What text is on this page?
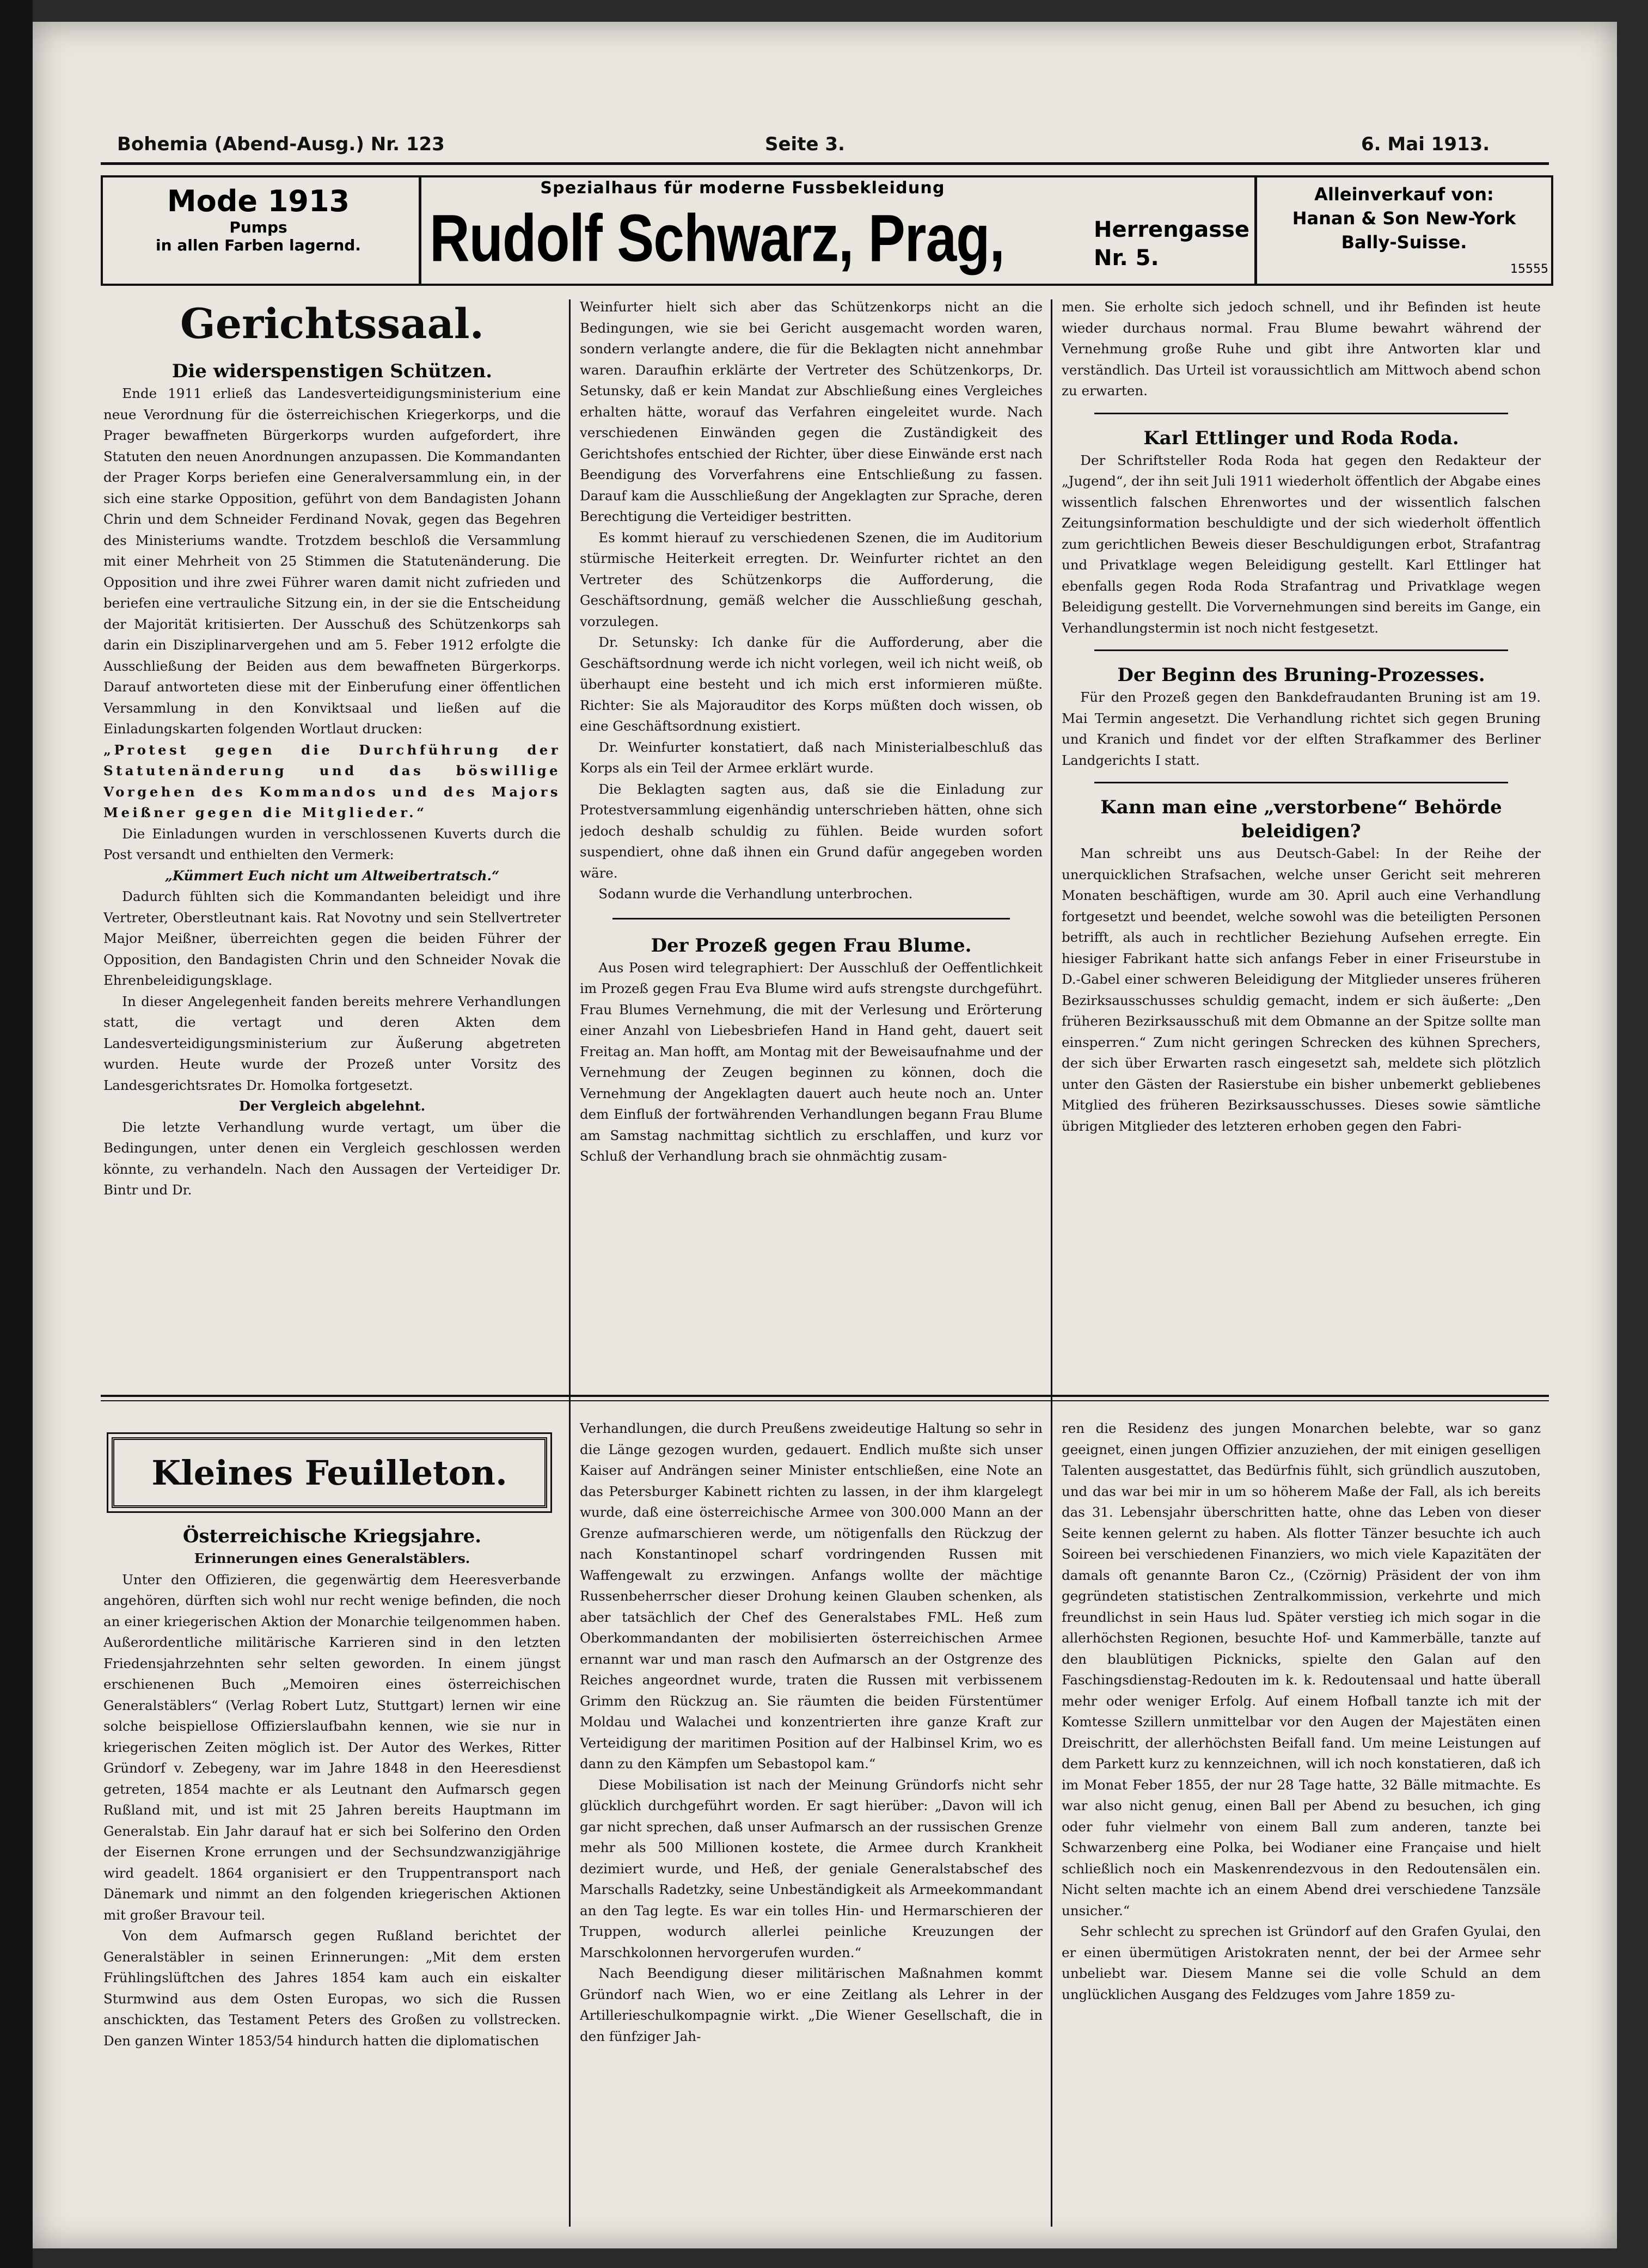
Bohemia (Abend-Ausg.) Nr. 123	Seite 3.	6. Mai 1913.
Mode 1913
Pumps
in allen Farben lagernd.
Spezialhaus für moderne Fussbekleidung
Rudolf Schwarz, Prag,	Herrengasse
Nr. 5.
Alleinverkauf von:
Hanan & Son New-York
Bally-Suisse.
15555
Gerichtssaal.
Die widerspenstigen Schützen.

Ende 1911 erließ das Landesverteidigungsministerium eine neue Verordnung für die österreichischen Kriegerkorps, und die Prager bewaffneten Bürgerkorps wurden aufgefordert, ihre Statuten den neuen Anordnungen anzupassen. Die Kommandanten der Prager Korps beriefen eine Generalversammlung ein, in der sich eine starke Opposition, geführt von dem Bandagisten Johann Chrin und dem Schneider Ferdinand Novak, gegen das Begehren des Ministeriums wandte. Trotzdem beschloß die Versammlung mit einer Mehrheit von 25 Stimmen die Statutenänderung. Die Opposition und ihre zwei Führer waren damit nicht zufrieden und beriefen eine vertrauliche Sitzung ein, in der sie die Entscheidung der Majorität kritisierten. Der Ausschuß des Schützenkorps sah darin ein Disziplinarvergehen und am 5. Feber 1912 erfolgte die Ausschließung der Beiden aus dem bewaffneten Bürgerkorps. Darauf antworteten diese mit der Einberufung einer öffentlichen Versammlung in den Konviktsaal und ließen auf die Einladungskarten folgenden Wortlaut drucken:

„Protest gegen die Durchführung der Statutenänderung und das böswillige Vorgehen des Kommandos und des Majors Meißner gegen die Mitglieder.“

Die Einladungen wurden in verschlossenen Kuverts durch die Post versandt und enthielten den Vermerk:

„Kümmert Euch nicht um Altweibertratsch.“

Dadurch fühlten sich die Kommandanten beleidigt und ihre Vertreter, Oberstleutnant kais. Rat Novotny und sein Stellvertreter Major Meißner, überreichten gegen die beiden Führer der Opposition, den Bandagisten Chrin und den Schneider Novak die Ehrenbeleidigungsklage.

In dieser Angelegenheit fanden bereits mehrere Verhandlungen statt, die vertagt und deren Akten dem Landesverteidigungsministerium zur Äußerung abgetreten wurden. Heute wurde der Prozeß unter Vorsitz des Landesgerichtsrates Dr. Homolka fortgesetzt.

Der Vergleich abgelehnt.

Die letzte Verhandlung wurde vertagt, um über die Bedingungen, unter denen ein Vergleich geschlossen werden könnte, zu verhandeln. Nach den Aussagen der Verteidiger Dr. Bintr und Dr.

Kleines Feuilleton.
Österreichische Kriegsjahre.

Erinnerungen eines Generalstäblers.

Unter den Offizieren, die gegenwärtig dem Heeresverbande angehören, dürften sich wohl nur recht wenige befinden, die noch an einer kriegerischen Aktion der Monarchie teilgenommen haben. Außerordentliche militärische Karrieren sind in den letzten Friedensjahrzehnten sehr selten geworden. In einem jüngst erschienenen Buch „Memoiren eines österreichischen Generalstäblers“ (Verlag Robert Lutz, Stuttgart) lernen wir eine solche beispiellose Offizierslaufbahn kennen, wie sie nur in kriegerischen Zeiten möglich ist. Der Autor des Werkes, Ritter Gründorf v. Zebegeny, war im Jahre 1848 in den Heeresdienst getreten, 1854 machte er als Leutnant den Aufmarsch gegen Rußland mit, und ist mit 25 Jahren bereits Hauptmann im Generalstab. Ein Jahr darauf hat er sich bei Solferino den Orden der Eisernen Krone errungen und der Sechsundzwanzigjährige wird geadelt. 1864 organisiert er den Truppentransport nach Dänemark und nimmt an den folgenden kriegerischen Aktionen mit großer Bravour teil.

Von dem Aufmarsch gegen Rußland berichtet der Generalstäbler in seinen Erinnerungen: „Mit dem ersten Frühlingslüftchen des Jahres 1854 kam auch ein eiskalter Sturmwind aus dem Osten Europas, wo sich die Russen anschickten, das Testament Peters des Großen zu vollstrecken. Den ganzen Winter 1853/54 hindurch hatten die diplomatischen

Weinfurter hielt sich aber das Schützenkorps nicht an die Bedingungen, wie sie bei Gericht ausgemacht worden waren, sondern verlangte andere, die für die Beklagten nicht annehmbar waren. Daraufhin erklärte der Vertreter des Schützenkorps, Dr. Setunsky, daß er kein Mandat zur Abschließung eines Vergleiches erhalten hätte, worauf das Verfahren eingeleitet wurde. Nach verschiedenen Einwänden gegen die Zuständigkeit des Gerichtshofes entschied der Richter, über diese Einwände erst nach Beendigung des Vorverfahrens eine Entschließung zu fassen. Darauf kam die Ausschließung der Angeklagten zur Sprache, deren Berechtigung die Verteidiger bestritten.

Es kommt hierauf zu verschiedenen Szenen, die im Auditorium stürmische Heiterkeit erregten. Dr. Weinfurter richtet an den Vertreter des Schützenkorps die Aufforderung, die Geschäftsordnung, gemäß welcher die Ausschließung geschah, vorzulegen.

Dr. Setunsky: Ich danke für die Aufforderung, aber die Geschäftsordnung werde ich nicht vorlegen, weil ich nicht weiß, ob überhaupt eine besteht und ich mich erst informieren müßte. Richter: Sie als Majorauditor des Korps müßten doch wissen, ob eine Geschäftsordnung existiert.

Dr. Weinfurter konstatiert, daß nach Ministerialbeschluß das Korps als ein Teil der Armee erklärt wurde.

Die Beklagten sagten aus, daß sie die Einladung zur Protestversammlung eigenhändig unterschrieben hätten, ohne sich jedoch deshalb schuldig zu fühlen. Beide wurden sofort suspendiert, ohne daß ihnen ein Grund dafür angegeben worden wäre.

Sodann wurde die Verhandlung unterbrochen.

Der Prozeß gegen Frau Blume.

Aus Posen wird telegraphiert: Der Ausschluß der Oeffentlichkeit im Prozeß gegen Frau Eva Blume wird aufs strengste durchgeführt. Frau Blumes Vernehmung, die mit der Verlesung und Erörterung einer Anzahl von Liebesbriefen Hand in Hand geht, dauert seit Freitag an. Man hofft, am Montag mit der Beweisaufnahme und der Vernehmung der Zeugen beginnen zu können, doch die Vernehmung der Angeklagten dauert auch heute noch an. Unter dem Einfluß der fortwährenden Verhandlungen begann Frau Blume am Samstag nachmittag sichtlich zu erschlaffen, und kurz vor Schluß der Verhandlung brach sie ohnmächtig zusam-

Verhandlungen, die durch Preußens zweideutige Haltung so sehr in die Länge gezogen wurden, gedauert. Endlich mußte sich unser Kaiser auf Andrängen seiner Minister entschließen, eine Note an das Petersburger Kabinett richten zu lassen, in der ihm klargelegt wurde, daß eine österreichische Armee von 300.000 Mann an der Grenze aufmarschieren werde, um nötigenfalls den Rückzug der nach Konstantinopel scharf vordringenden Russen mit Waffengewalt zu erzwingen. Anfangs wollte der mächtige Russenbeherrscher dieser Drohung keinen Glauben schenken, als aber tatsächlich der Chef des Generalstabes FML. Heß zum Oberkommandanten der mobilisierten österreichischen Armee ernannt war und man rasch den Aufmarsch an der Ostgrenze des Reiches angeordnet wurde, traten die Russen mit verbissenem Grimm den Rückzug an. Sie räumten die beiden Fürstentümer Moldau und Walachei und konzentrierten ihre ganze Kraft zur Verteidigung der maritimen Position auf der Halbinsel Krim, wo es dann zu den Kämpfen um Sebastopol kam.“

Diese Mobilisation ist nach der Meinung Gründorfs nicht sehr glücklich durchgeführt worden. Er sagt hierüber: „Davon will ich gar nicht sprechen, daß unser Aufmarsch an der russischen Grenze mehr als 500 Millionen kostete, die Armee durch Krankheit dezimiert wurde, und Heß, der geniale Generalstabschef des Marschalls Radetzky, seine Unbeständigkeit als Armeekommandant an den Tag legte. Es war ein tolles Hin- und Hermarschieren der Truppen, wodurch allerlei peinliche Kreuzungen der Marschkolonnen hervorgerufen wurden.“

Nach Beendigung dieser militärischen Maßnahmen kommt Gründorf nach Wien, wo er eine Zeitlang als Lehrer in der Artillerieschulkompagnie wirkt. „Die Wiener Gesellschaft, die in den fünfziger Jah-

men. Sie erholte sich jedoch schnell, und ihr Befinden ist heute wieder durchaus normal. Frau Blume bewahrt während der Vernehmung große Ruhe und gibt ihre Antworten klar und verständlich. Das Urteil ist voraussichtlich am Mittwoch abend schon zu erwarten.

Karl Ettlinger und Roda Roda.

Der Schriftsteller Roda Roda hat gegen den Redakteur der „Jugend“, der ihn seit Juli 1911 wiederholt öffentlich der Abgabe eines wissentlich falschen Ehrenwortes und der wissentlich falschen Zeitungsinformation beschuldigte und der sich wiederholt öffentlich zum gerichtlichen Beweis dieser Beschuldigungen erbot, Strafantrag und Privatklage wegen Beleidigung gestellt. Karl Ettlinger hat ebenfalls gegen Roda Roda Strafantrag und Privatklage wegen Beleidigung gestellt. Die Vorvernehmungen sind bereits im Gange, ein Verhandlungstermin ist noch nicht festgesetzt.

Der Beginn des Bruning-Prozesses.

Für den Prozeß gegen den Bankdefraudanten Bruning ist am 19. Mai Termin angesetzt. Die Verhandlung richtet sich gegen Bruning und Kranich und findet vor der elften Strafkammer des Berliner Landgerichts I statt.

Kann man eine „verstorbene“ Behörde beleidigen?

Man schreibt uns aus Deutsch-Gabel: In der Reihe der unerquicklichen Strafsachen, welche unser Gericht seit mehreren Monaten beschäftigen, wurde am 30. April auch eine Verhandlung fortgesetzt und beendet, welche sowohl was die beteiligten Personen betrifft, als auch in rechtlicher Beziehung Aufsehen erregte. Ein hiesiger Fabrikant hatte sich anfangs Feber in einer Friseurstube in D.-Gabel einer schweren Beleidigung der Mitglieder unseres früheren Bezirksausschusses schuldig gemacht, indem er sich äußerte: „Den früheren Bezirksausschuß mit dem Obmanne an der Spitze sollte man einsperren.“ Zum nicht geringen Schrecken des kühnen Sprechers, der sich über Erwarten rasch eingesetzt sah, meldete sich plötzlich unter den Gästen der Rasierstube ein bisher unbemerkt gebliebenes Mitglied des früheren Bezirksausschusses. Dieses sowie sämtliche übrigen Mitglieder des letzteren erhoben gegen den Fabri-

ren die Residenz des jungen Monarchen belebte, war so ganz geeignet, einen jungen Offizier anzuziehen, der mit einigen geselligen Talenten ausgestattet, das Bedürfnis fühlt, sich gründlich auszutoben, und das war bei mir in um so höherem Maße der Fall, als ich bereits das 31. Lebensjahr überschritten hatte, ohne das Leben von dieser Seite kennen gelernt zu haben. Als flotter Tänzer besuchte ich auch Soireen bei verschiedenen Finanziers, wo mich viele Kapazitäten der damals oft genannte Baron Cz., (Czörnig) Präsident der von ihm gegründeten statistischen Zentralkommission, verkehrte und mich freundlichst in sein Haus lud. Später verstieg ich mich sogar in die allerhöchsten Regionen, besuchte Hof- und Kammerbälle, tanzte auf den blaublütigen Picknicks, spielte den Galan auf den Faschingsdienstag-Redouten im k. k. Redoutensaal und hatte überall mehr oder weniger Erfolg. Auf einem Hofball tanzte ich mit der Komtesse Szillern unmittelbar vor den Augen der Majestäten einen Dreischritt, der allerhöchsten Beifall fand. Um meine Leistungen auf dem Parkett kurz zu kennzeichnen, will ich noch konstatieren, daß ich im Monat Feber 1855, der nur 28 Tage hatte, 32 Bälle mitmachte. Es war also nicht genug, einen Ball per Abend zu besuchen, ich ging oder fuhr vielmehr von einem Ball zum anderen, tanzte bei Schwarzenberg eine Polka, bei Wodianer eine Française und hielt schließlich noch ein Maskenrendezvous in den Redoutensälen ein. Nicht selten machte ich an einem Abend drei verschiedene Tanzsäle unsicher.“

Sehr schlecht zu sprechen ist Gründorf auf den Grafen Gyulai, den er einen übermütigen Aristokraten nennt, der bei der Armee sehr unbeliebt war. Diesem Manne sei die volle Schuld an dem unglücklichen Ausgang des Feldzuges vom Jahre 1859 zu-
